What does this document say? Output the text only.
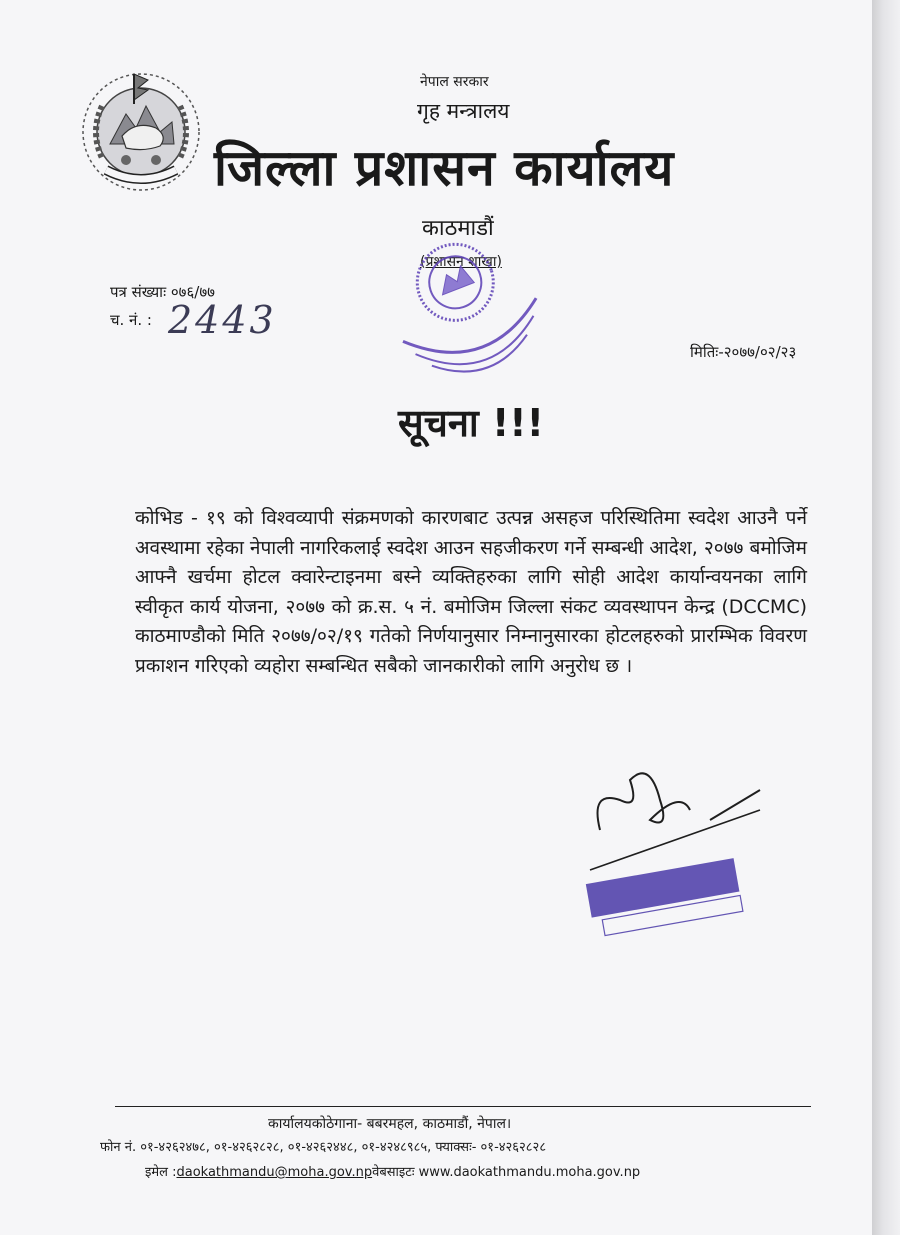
नेपाल सरकार
गृह मन्त्रालय
जिल्ला प्रशासन कार्यालय
काठमाडौं
(प्रशासन शाखा)
पत्र संख्याः ०७६/७७
च. नं. : 2443
मितिः-२०७७/०२/२३
सूचना !!!
कोभिड - १९ को विश्वव्यापी संक्रमणको कारणबाट उत्पन्न असहज परिस्थितिमा स्वदेश आउनै पर्ने अवस्थामा रहेका नेपाली नागरिकलाई स्वदेश आउन सहजीकरण गर्ने सम्बन्धी आदेश, २०७७ बमोजिम आफ्नै खर्चमा होटल क्वारेन्टाइनमा बस्ने व्यक्तिहरुका लागि सोही आदेश कार्यान्वयनका लागि स्वीकृत कार्य योजना, २०७७ को क्र.स. ५ नं. बमोजिम जिल्ला संकट व्यवस्थापन केन्द्र (DCCMC) काठमाण्डौको मिति २०७७/०२/१९ गतेको निर्णयानुसार निम्नानुसारका होटलहरुको प्रारम्भिक विवरण प्रकाशन गरिएको व्यहोरा सम्बन्धित सबैको जानकारीको लागि अनुरोध छ ।
कार्यालयकोठेगाना- बबरमहल, काठमाडौं, नेपाल।
फोन नं. ०१-४२६२४७८, ०१-४२६२८२८, ०१-४२६२४४८, ०१-४२४८९८५, फ्याक्सः- ०१-४२६२८२८
इमेल :daokathmandu@moha.gov.npवेबसाइटः www.daokathmandu.moha.gov.np
